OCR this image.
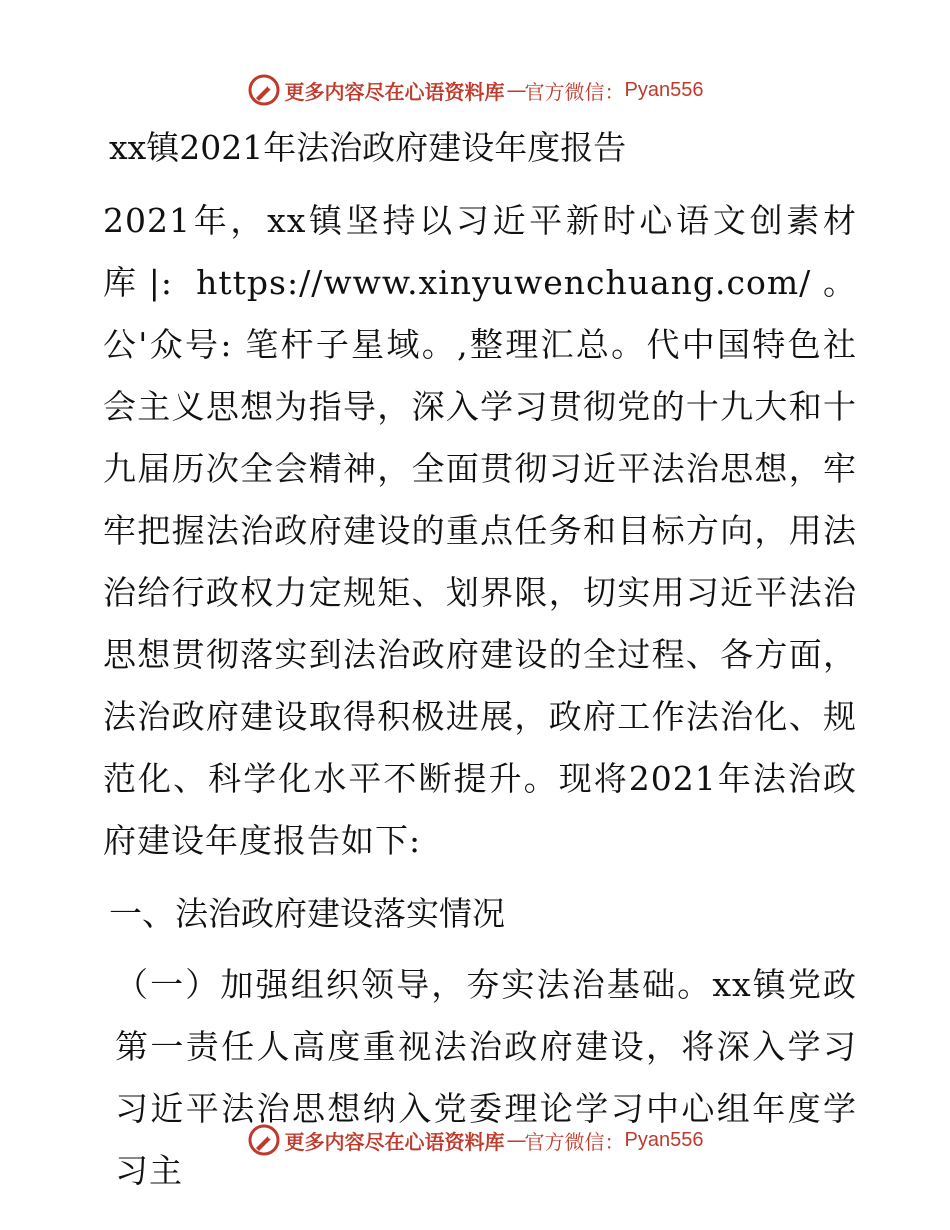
更多内容尽在心语资料库 — 官方微信： Pyan556
xx镇2021年法治政府建设年度报告

2021年，xx镇坚持以习近平新时心语文创素材库|: https://www.xinyuwenchuang.com/。公'众号: 笔杆子星域。,整理汇总。代中国特色社会主义思想为指导，深入学习贯彻党的十九大和十九届历次全会精神，全面贯彻习近平法治思想，牢牢把握法治政府建设的重点任务和目标方向，用法治给行政权力定规矩、划界限，切实用习近平法治思想贯彻落实到法治政府建设的全过程、各方面，法治政府建设取得积极进展，政府工作法治化、规范化、科学化水平不断提升。现将2021年法治政府建设年度报告如下:

一、法治政府建设落实情况

（一）加强组织领导，夯实法治基础。xx镇党政第一责任人高度重视法治政府建设，将深入学习习近平法治思想纳入党委理论学习中心组年度学习主

更多内容尽在心语资料库 — 官方微信： Pyan556
